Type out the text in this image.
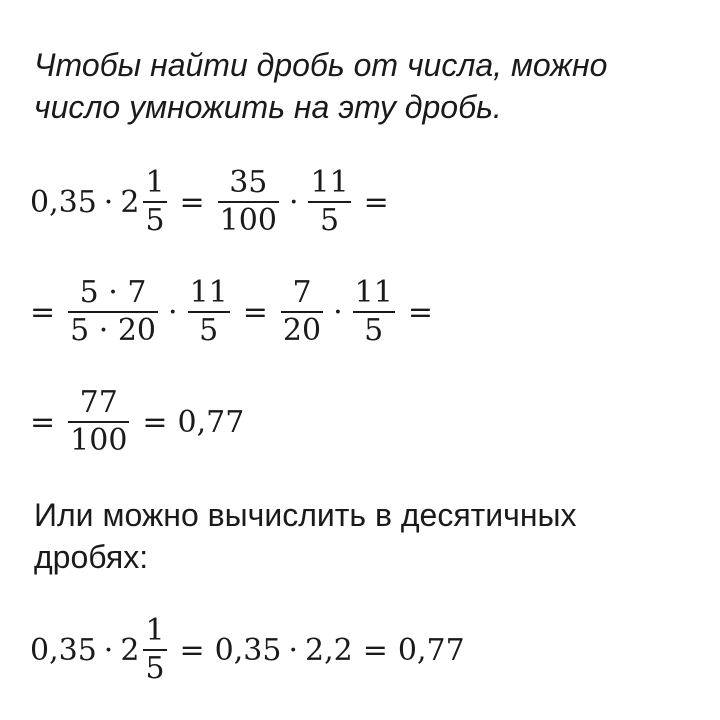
Чтобы найти дробь от числа, можно
число умножить на эту дробь.
$0,35 \cdot 2 \frac{1}{5} = \frac{35}{100} \cdot \frac{11}{5}$ =
= $\frac{5 \cdot 7}{5 \cdot 20} \cdot \frac{11}{5} = \frac{7}{20} \cdot \frac{11}{5}$ =
= $\frac{77}{100} = 0,77$
Или можно вычислить в десятичных
дробях:
$0,35 \cdot 2 \frac{1}{5} = 0,35 \cdot 2,2 = 0,77$
